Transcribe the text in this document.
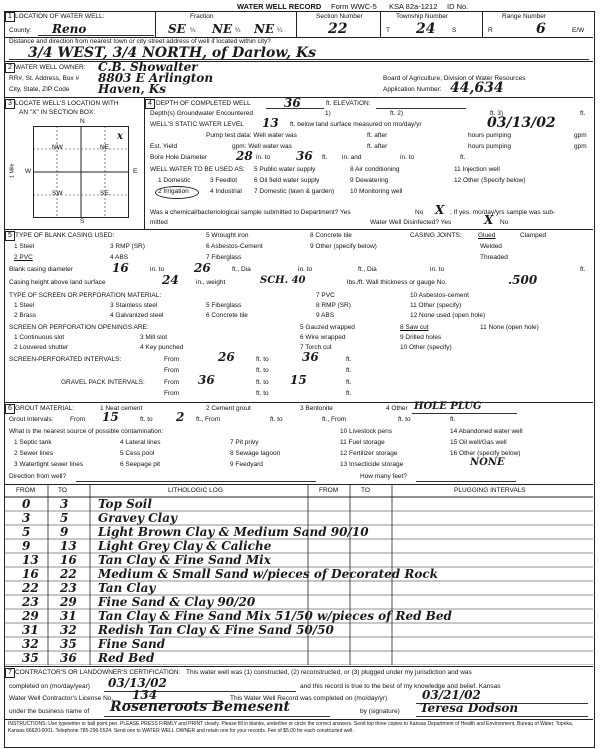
WATER WELL RECORD Form WWC-5 KSA 82a-1212 ID No.
1 LOCATION OF WATER WELL:
County: Reno
Fraction
SE ¼ NE ¼ NE ¼
Section Number
22
Township Number
T 24	S
Range Number
R	6	E/W
Distance and direction from nearest town or city street address of well if located within city?
3/4 WEST, 3/4 NORTH, of Darlow, Ks
2 WATER WELL OWNER: C.B. Showalter
RR#, St. Address, Box # 8803 E Arlington
City, State, ZIP Code Haven, Ks
Board of Agriculture, Division of Water Resources
Application Number: 44,634
3 LOCATE WELL'S LOCATION WITH
AN "X" IN SECTION BOX:
N
S
W	E
1 Mile
NW	NE
SW	SE
x
4 DEPTH OF COMPLETED WELL	36	ft. ELEVATION:
Depth(s) Groundwater Encountered	1)	ft. 2)	ft. 3)	ft.
WELL'S STATIC WATER LEVEL 13 ft. below land surface measured on mo/day/yr	03/13/02
Pump test data: Well water was	ft. after	hours pumping	gpm
Est. Yield	gpm: Well water was	ft. after	hours pumping	gpm
Bore Hole Diameter 28 in. to 36 ft. in. and	in. to	ft.
WELL WATER TO BE USED AS: 5 Public water supply	8 Air conditioning	11 Injection well
1 Domestic	3 Feedlot	6 Oil field water supply	9 Dewatering	12 Other (Specify below)
2 Irrigation	4 Industrial 7 Domestic (lawn & garden) 10 Monitoring well
Was a chemical/bacteriological sample submitted to Department? Yes	No X ; If yes, mo/day/yrs sample was sub-
mitted	Water Well Disinfected? Yes	X No
5 TYPE OF BLANK CASING USED:	5 Wrought iron	8 Concrete tile	CASING JOINTS:	Glued	Clamped
1 Steel	3 RMP (SR)	6 Asbestos-Cement	9 Other (specify below)	Welded
2 PVC	4 ABS	7 Fiberglass	Threaded
Blank casing diameter	16	in. to 26	ft., Dia	in. to	ft., Dia	in. to	ft.
Casing height above land surface	24	in., weight	SCH. 40	lbs./ft. Wall thickness or gauge No.	.500
TYPE OF SCREEN OR PERFORATION MATERIAL:
1 Steel	3 Stainless steel	5 Fiberglass
7 PVC
8 RMP (SR)
10 Asbestos-cement
11 Other (specify)
2 Brass	4 Galvanized steel	6 Concrete tile	9 ABS	12 None used (open hole)
SCREEN OR PERFORATION OPENINGS ARE:	5 Gauzed wrapped	8 Saw cut	11 None (open hole)
1 Continuous slot	3 Mill slot	6 Wire wrapped	9 Drilled holes
2 Louvered shutter	4 Key punched	7 Torch cut	10 Other (specify)
SCREEN-PERFORATED INTERVALS:	From	26	ft. to	36	ft.
From	ft. to	ft.
GRAVEL PACK INTERVALS:	From 36	ft. to 15	ft.
From	ft. to	ft.
6 GROUT MATERIAL:	1 Neat cement	2 Cement grout	3 Bentonite	4 Other HOLE PLUG
Grout Intervals:	From 15	ft. to 2 ft., From	ft. to	ft., From	ft. to	ft.
What is the nearest source of possible contamination:	10 Livestock pens	14 Abandoned water well
1 Septic tank	4 Lateral lines	7 Pit privy	11 Fuel storage	15 Oil well/Gas well
2 Sewer lines	5 Cess pool	8 Sewage lagoon	12 Fertilizer storage	16 Other (specify below)
3 Watertight sewer lines	6 Seepage pit	9 Feedyard	13 Insecticide storage	NONE
Direction from well?	How many feet?
FROM	TO	LITHOLOGIC LOG	FROM	TO	PLUGGING INTERVALS
0 3 Top Soil
3 5 Gravey Clay
5 9 Light Brown Clay & Medium Sand 90/10
9 13 Light Grey Clay & Caliche
13 16 Tan Clay & Fine Sand Mix
16 22 Medium & Small Sand w/pieces of Decorated Rock
22 23 Tan Clay
23 29 Fine Sand & Clay 90/20
29 31 Tan Clay & Fine Sand Mix 51/50 w/pieces of Red Bed
31 32 Redish Tan Clay & Fine Sand 50/50
32 35 Fine Sand
35 36 Red Bed
7 CONTRACTOR'S OR LANDOWNER'S CERTIFICATION: This water well was (1) constructed, (2) reconstructed, or (3) plugged under my jurisdiction and was
completed on (mo/day/year) 03/13/02	and this record is true to the best of my knowledge and belief. Kansas
Water Well Contractor's License No. 134	This Water Well Record was completed on (mo/day/yr)	03/21/02
under the business name of Roseneroots Bemesent	by (signature) Teresa Dodson
INSTRUCTIONS: Use typewriter or ball point pen. PLEASE PRESS FIRMLY and PRINT clearly. Please fill in blanks, underline or circle the correct answers. Send top three copies to Kansas Department of Health and Environment, Bureau of Water, Topeka, Kansas 66620-0001. Telephone 785-296-5524. Send one to WATER WELL OWNER and retain one for your records. Fee of $5.00 for each constructed well.
